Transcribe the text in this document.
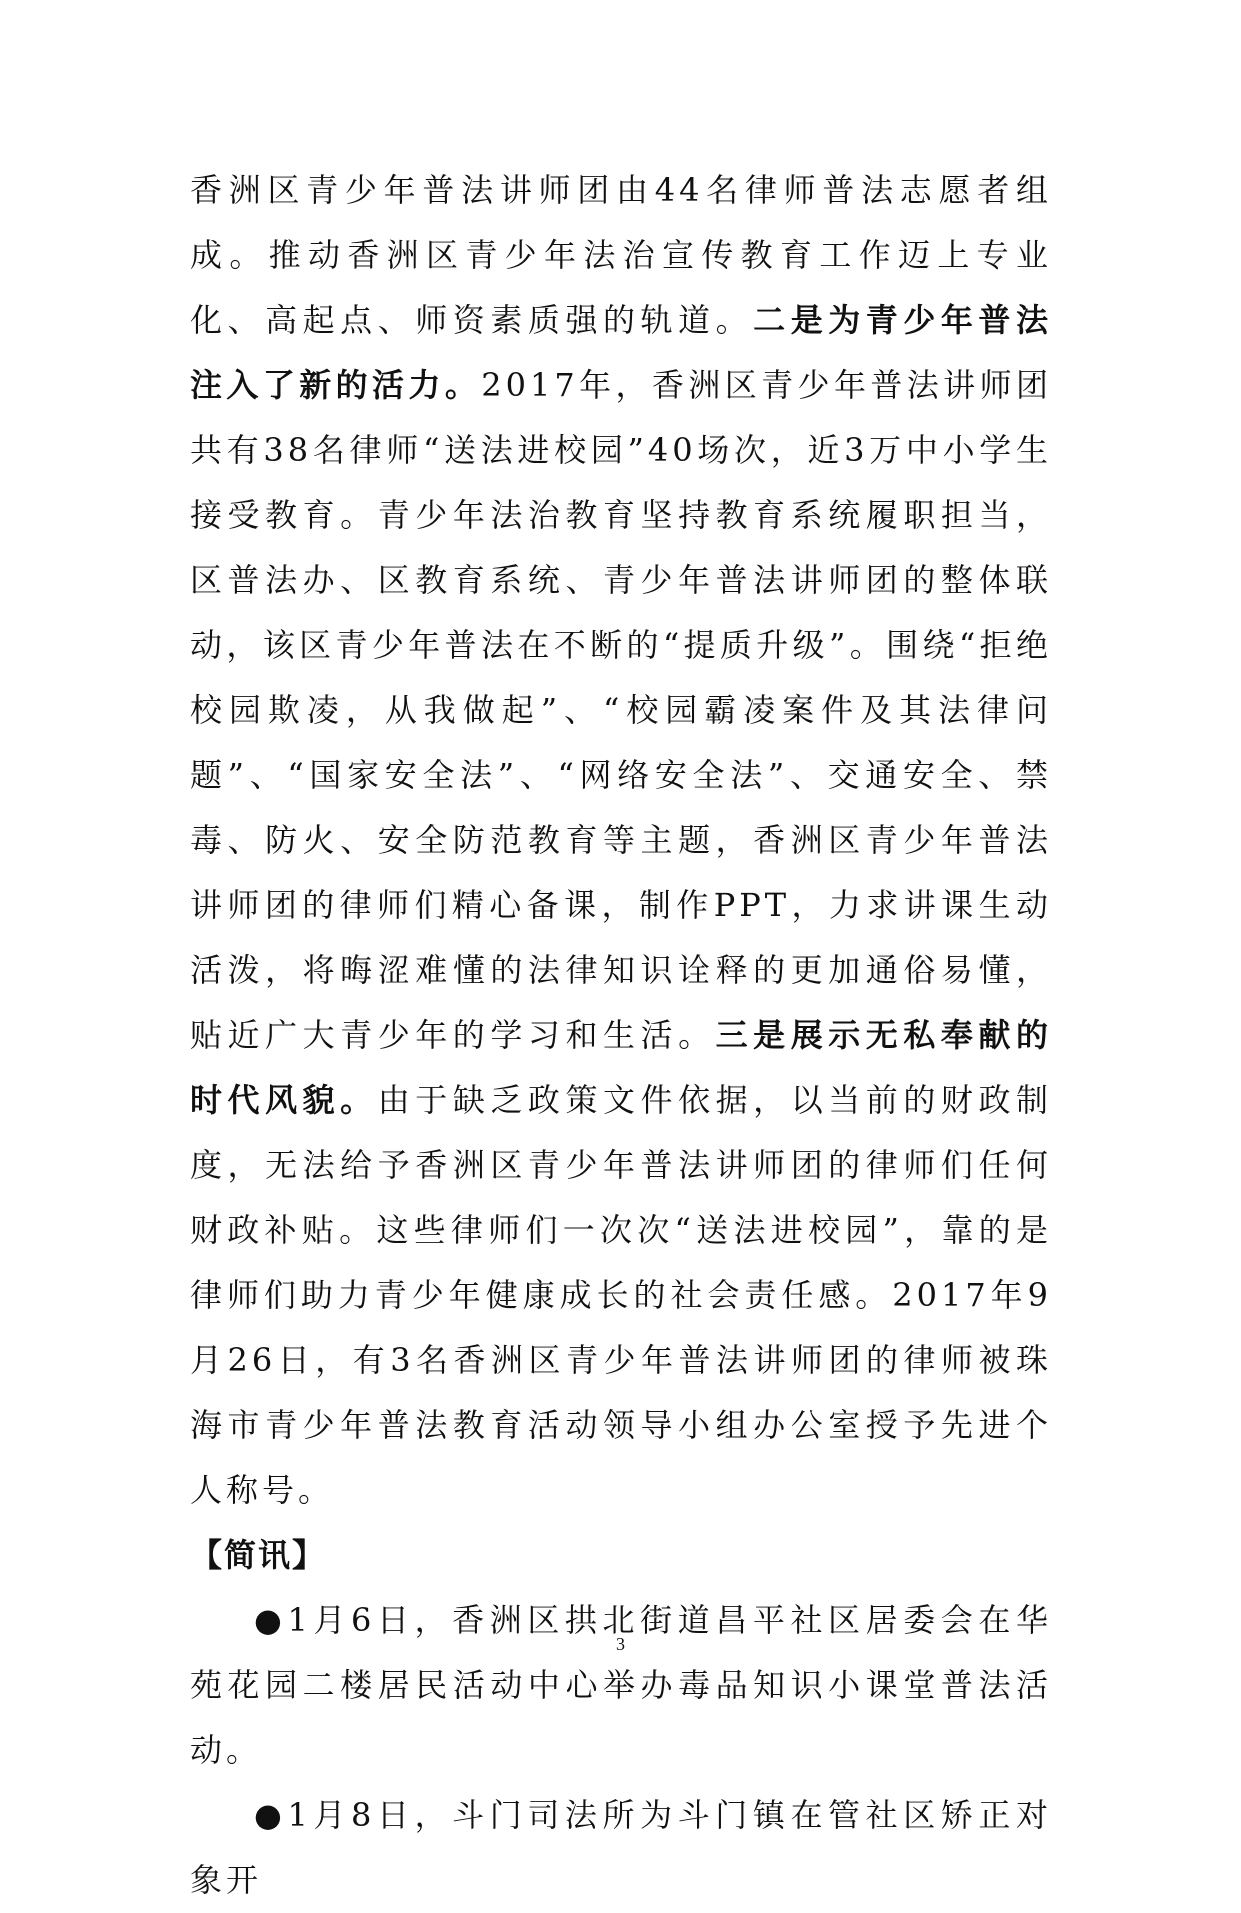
香洲区青少年普法讲师团由44名律师普法志愿者组成。推动香洲区青少年法治宣传教育工作迈上专业化、高起点、师资素质强的轨道。二是为青少年普法注入了新的活力。2017年，香洲区青少年普法讲师团共有38名律师“送法进校园”40场次，近3万中小学生接受教育。青少年法治教育坚持教育系统履职担当，区普法办、区教育系统、青少年普法讲师团的整体联动，该区青少年普法在不断的“提质升级”。围绕“拒绝校园欺凌，从我做起”、“校园霸凌案件及其法律问题”、“国家安全法”、“网络安全法”、交通安全、禁毒、防火、安全防范教育等主题，香洲区青少年普法讲师团的律师们精心备课，制作PPT，力求讲课生动活泼，将晦涩难懂的法律知识诠释的更加通俗易懂，贴近广大青少年的学习和生活。三是展示无私奉献的时代风貌。由于缺乏政策文件依据，以当前的财政制度，无法给予香洲区青少年普法讲师团的律师们任何财政补贴。这些律师们一次次“送法进校园”，靠的是律师们助力青少年健康成长的社会责任感。2017年9月26日，有3名香洲区青少年普法讲师团的律师被珠海市青少年普法教育活动领导小组办公室授予先进个人称号。

【简讯】

●1月6日，香洲区拱北街道昌平社区居委会在华苑花园二楼居民活动中心举办毒品知识小课堂普法活动。

●1月8日，斗门司法所为斗门镇在管社区矫正对象开

3
